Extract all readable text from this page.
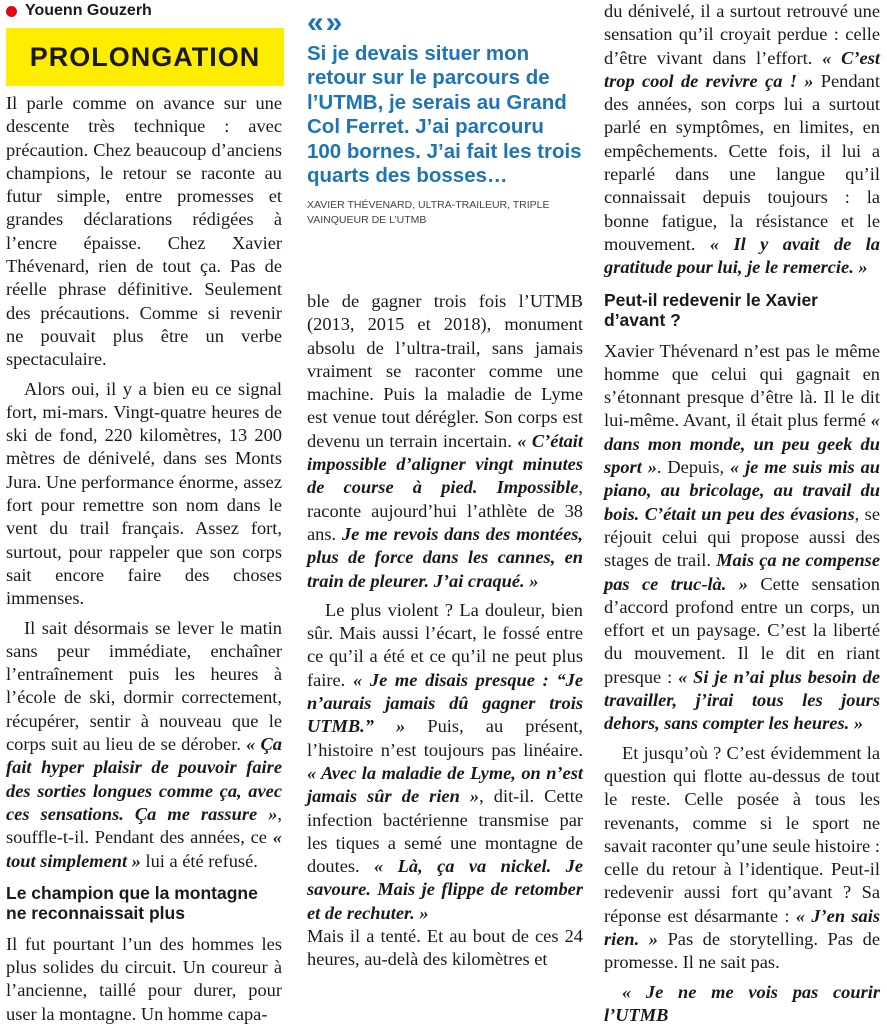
Youenn Gouzerh
PROLONGATION

Il parle comme on avance sur une descente très technique : avec précaution. Chez beaucoup d’anciens champions, le retour se raconte au futur simple, entre promesses et grandes déclarations rédigées à l’encre épaisse. Chez Xavier Thévenard, rien de tout ça. Pas de réelle phrase définitive. Seulement des précautions. Comme si revenir ne pouvait plus être un verbe spectaculaire.

Alors oui, il y a bien eu ce signal fort, mi-mars. Vingt-quatre heures de ski de fond, 220 kilomètres, 13 200 mètres de dénivelé, dans ses Monts Jura. Une performance énorme, assez fort pour remettre son nom dans le vent du trail français. Assez fort, surtout, pour rappeler que son corps sait encore faire des choses immenses.

Il sait désormais se lever le matin sans peur immédiate, enchaîner l’entraînement puis les heures à l’école de ski, dormir correctement, récupérer, sentir à nouveau que le corps suit au lieu de se dérober. « Ça fait hyper plaisir de pouvoir faire des sorties longues comme ça, avec ces sensations. Ça me rassure », souffle-t-il. Pendant des années, ce « tout simplement » lui a été refusé.

Le champion que la montagne ne reconnaissait plus

Il fut pourtant l’un des hommes les plus solides du circuit. Un coureur à l’ancienne, taillé pour durer, pour user la montagne. Un homme capa-

«»

Si je devais situer mon retour sur le parcours de l’UTMB, je serais au Grand Col Ferret. J’ai parcouru 100 bornes. J’ai fait les trois quarts des bosses…

XAVIER THÉVENARD, ULTRA-TRAILEUR, TRIPLE VAINQUEUR DE L’UTMB

ble de gagner trois fois l’UTMB (2013, 2015 et 2018), monument absolu de l’ultra-trail, sans jamais vraiment se raconter comme une machine. Puis la maladie de Lyme est venue tout dérégler. Son corps est devenu un terrain incertain. « C’était impossible d’aligner vingt minutes de course à pied. Impossible, raconte aujourd’hui l’athlète de 38 ans. Je me revois dans des montées, plus de force dans les cannes, en train de pleurer. J’ai craqué. »

Le plus violent ? La douleur, bien sûr. Mais aussi l’écart, le fossé entre ce qu’il a été et ce qu’il ne peut plus faire. « Je me disais presque : “Je n’aurais jamais dû gagner trois UTMB.” » Puis, au présent, l’histoire n’est toujours pas linéaire. « Avec la maladie de Lyme, on n’est jamais sûr de rien », dit-il. Cette infection bactérienne transmise par les tiques a semé une montagne de doutes. « Là, ça va nickel. Je savoure. Mais je flippe de retomber et de rechuter. »

Mais il a tenté. Et au bout de ces 24 heures, au-delà des kilomètres et

du dénivelé, il a surtout retrouvé une sensation qu’il croyait perdue : celle d’être vivant dans l’effort. « C’est trop cool de revivre ça ! » Pendant des années, son corps lui a surtout parlé en symptômes, en limites, en empêchements. Cette fois, il lui a reparlé dans une langue qu’il connaissait depuis toujours : la bonne fatigue, la résistance et le mouvement. « Il y avait de la gratitude pour lui, je le remercie. »

Peut-il redevenir le Xavier d’avant ?

Xavier Thévenard n’est pas le même homme que celui qui gagnait en s’étonnant presque d’être là. Il le dit lui-même. Avant, il était plus fermé « dans mon monde, un peu geek du sport ». Depuis, « je me suis mis au piano, au bricolage, au travail du bois. C’était un peu des évasions, se réjouit celui qui propose aussi des stages de trail. Mais ça ne compense pas ce truc-là. » Cette sensation d’accord profond entre un corps, un effort et un paysage. C’est la liberté du mouvement. Il le dit en riant presque : « Si je n’ai plus besoin de travailler, j’irai tous les jours dehors, sans compter les heures. »

Et jusqu’où ? C’est évidemment la question qui flotte au-dessus de tout le reste. Celle posée à tous les revenants, comme si le sport ne savait raconter qu’une seule histoire : celle du retour à l’identique. Peut-il redevenir aussi fort qu’avant ? Sa réponse est désarmante : « J’en sais rien. » Pas de storytelling. Pas de promesse. Il ne sait pas.

« Je ne me vois pas courir l’UTMB
